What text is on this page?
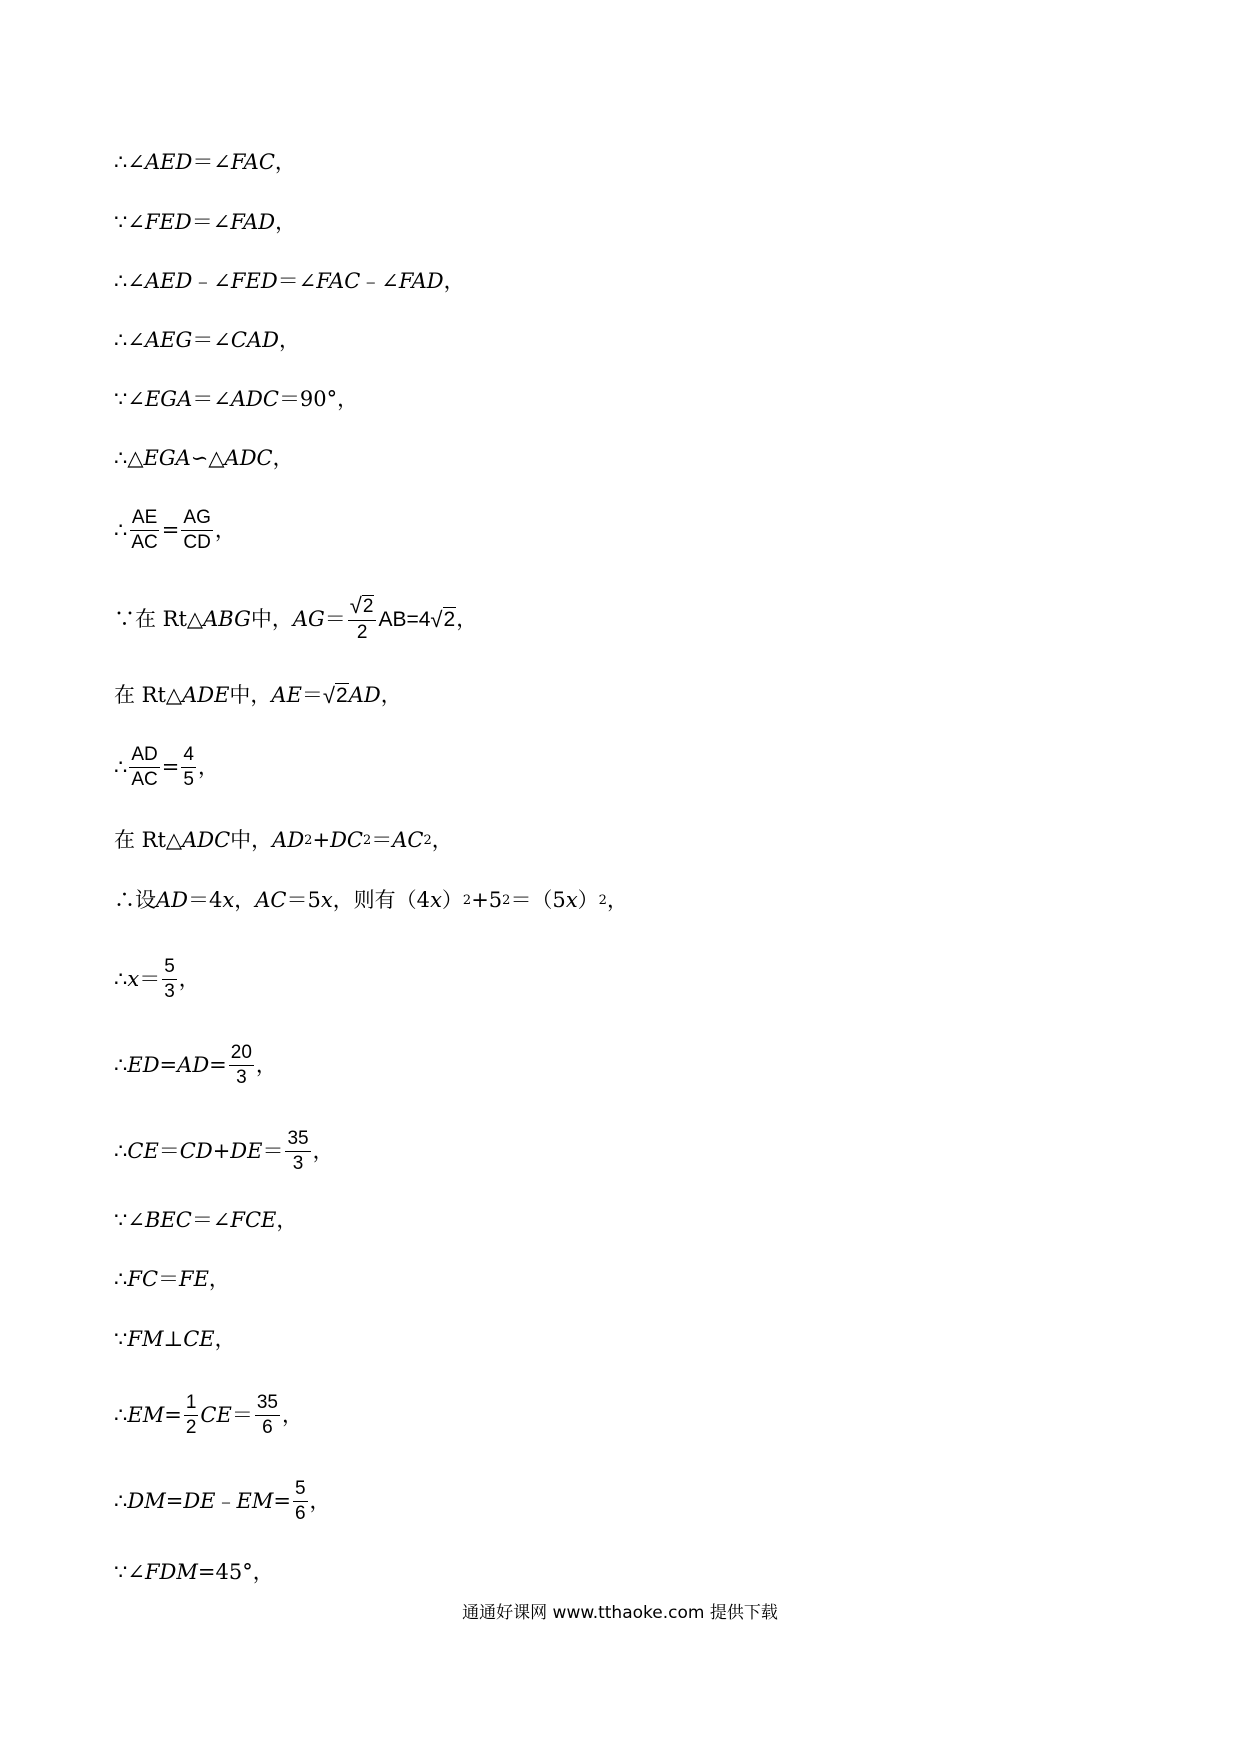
∴∠ AED ＝∠ FAC ，
∵∠ FED ＝∠ FAD ，
∴∠ AED ﹣∠ FED ＝∠ FAC ﹣∠ FAD ，
∴∠ AEG ＝∠ CAD ，
∵∠ EGA ＝∠ ADC ＝90°，
∴△ EGA ∽△ ADC ，
∴ $\frac{AE}{AC} = \frac{AG}{CD}$ ，
∵在 Rt△ ABG 中， AG ＝ $\frac{√ 2}{2} AB=4$ √ 2 ，
在 Rt△ ADE 中， AE ＝ √ 2 AD ，
∴ $\frac{AD}{AC} = \frac{4}{5}$ ，
在 Rt△ ADC 中， AD 2 + DC 2 ＝ AC 2 ，
∴设 AD ＝4 x ， AC ＝5 x ，则有（4 x ） 2 +5 2 ＝（5 x ） 2 ，
∴ $x = \frac{5}{3}$ ，
∴ ED = AD = $\frac{20}{3}$ ，
∴ CE ＝ CD + DE ＝ $\frac{35}{3}$ ，
∵∠ BEC ＝∠ FCE ，
∴ FC ＝ FE ，
∵ FM ⊥ CE ，
∴ EM = $\frac{1}{2}$ CE ＝ $\frac{35}{6}$ ，
∴ DM = DE ﹣ EM = $\frac{5}{6}$ ，
∵∠ FDM =45°，
通通好课网 www.tthaoke.com 提供下载
